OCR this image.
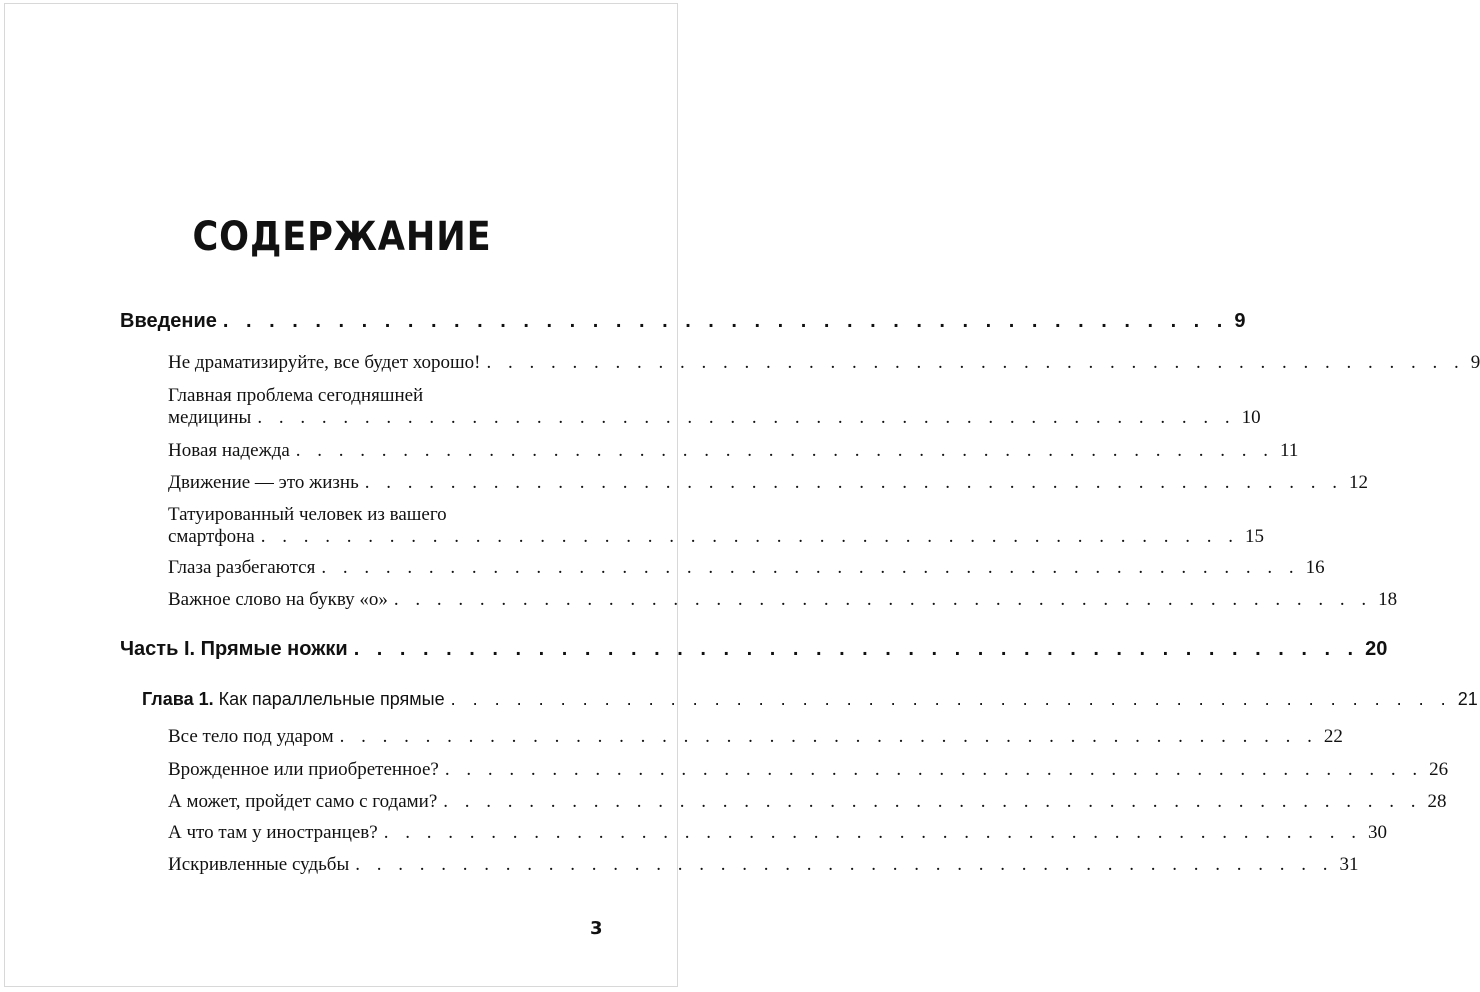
СОДЕРЖАНИЕ
Введение . . . . . . . . . . . . . . . . . . . . . . . . . . . . . . . . . . . . . . . . . . . . 9
Не драматизируйте, все будет хорошо! . . . . . . . . . . . . . . . . . . . . . . . . . . . . . . . . . . . . . . . . . . . . . . 9
Главная проблема сегодняшней
медицины . . . . . . . . . . . . . . . . . . . . . . . . . . . . . . . . . . . . . . . . . . . . . . 10
Новая надежда . . . . . . . . . . . . . . . . . . . . . . . . . . . . . . . . . . . . . . . . . . . . . . 11
Движение — это жизнь . . . . . . . . . . . . . . . . . . . . . . . . . . . . . . . . . . . . . . . . . . . . . . 12
Татуированный человек из вашего
смартфона . . . . . . . . . . . . . . . . . . . . . . . . . . . . . . . . . . . . . . . . . . . . . . 15
Глаза разбегаются . . . . . . . . . . . . . . . . . . . . . . . . . . . . . . . . . . . . . . . . . . . . . . 16
Важное слово на букву «о» . . . . . . . . . . . . . . . . . . . . . . . . . . . . . . . . . . . . . . . . . . . . . . 18
Часть I. Прямые ножки . . . . . . . . . . . . . . . . . . . . . . . . . . . . . . . . . . . . . . . . . . . . 20
Глава 1. Как параллельные прямые . . . . . . . . . . . . . . . . . . . . . . . . . . . . . . . . . . . . . . . . . . . . . . 21
Все тело под ударом . . . . . . . . . . . . . . . . . . . . . . . . . . . . . . . . . . . . . . . . . . . . . . 22
Врожденное или приобретенное? . . . . . . . . . . . . . . . . . . . . . . . . . . . . . . . . . . . . . . . . . . . . . . 26
А может, пройдет само с годами? . . . . . . . . . . . . . . . . . . . . . . . . . . . . . . . . . . . . . . . . . . . . . . 28
А что там у иностранцев? . . . . . . . . . . . . . . . . . . . . . . . . . . . . . . . . . . . . . . . . . . . . . . 30
Искривленные судьбы . . . . . . . . . . . . . . . . . . . . . . . . . . . . . . . . . . . . . . . . . . . . . . 31
3
